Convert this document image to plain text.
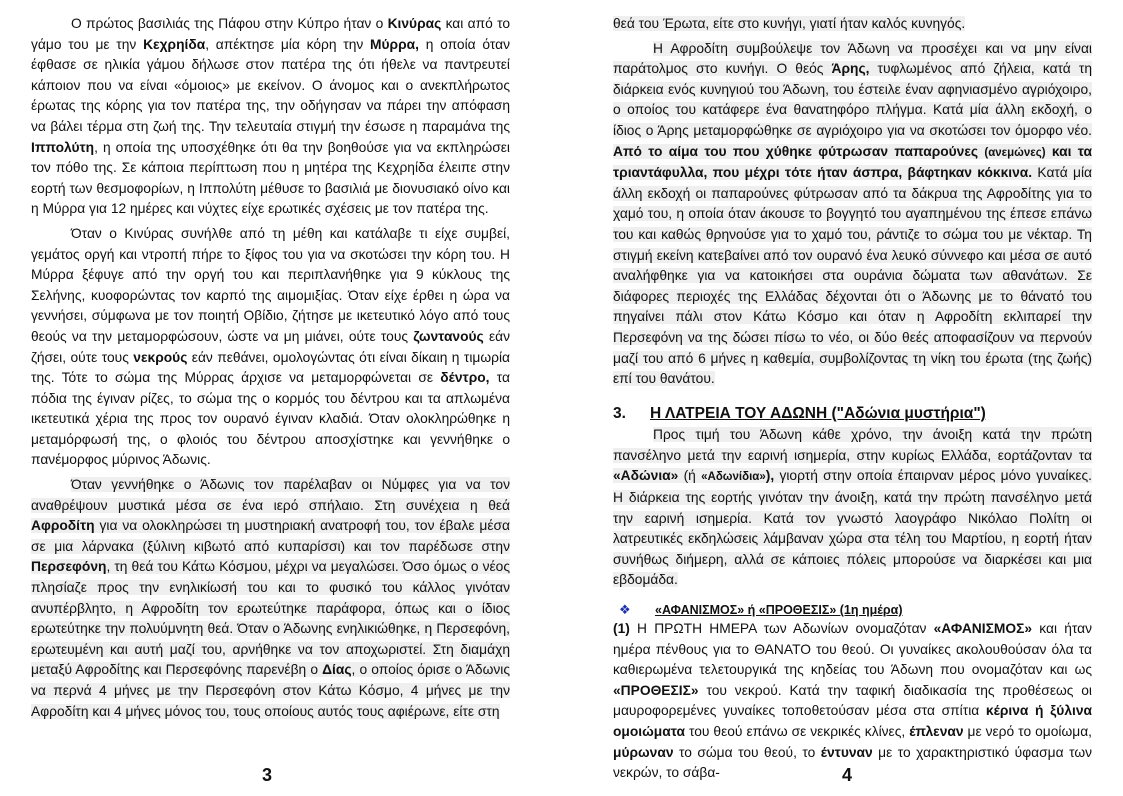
Ο πρώτος βασιλιάς της Πάφου στην Κύπρο ήταν ο Κινύρας και από το γάμο του με την Κεχρηίδα, απέκτησε μία κόρη την Μύρρα, η οποία όταν έφθασε σε ηλικία γάμου δήλωσε στον πατέρα της ότι ήθελε να παντρευτεί κάποιον που να είναι «όμοιος» με εκείνον. Ο άνομος και ο ανεκπλήρωτος έρωτας της κόρης για τον πατέρα της, την οδήγησαν να πάρει την απόφαση να βάλει τέρμα στη ζωή της. Την τελευταία στιγμή την έσωσε η παραμάνα της Ιππολύτη, η οποία της υποσχέθηκε ότι θα την βοηθούσε για να εκπληρώσει τον πόθο της. Σε κάποια περίπτωση που η μητέρα της Κεχρηίδα έλειπε στην εορτή των θεσμοφορίων, η Ιππολύτη μέθυσε το βασιλιά με διονυσιακό οίνο και η Μύρρα για 12 ημέρες και νύχτες είχε ερωτικές σχέσεις με τον πατέρα της.

Όταν ο Κινύρας συνήλθε από τη μέθη και κατάλαβε τι είχε συμβεί, γεμάτος οργή και ντροπή πήρε το ξίφος του για να σκοτώσει την κόρη του. Η Μύρρα ξέφυγε από την οργή του και περιπλανήθηκε για 9 κύκλους της Σελήνης, κυοφορώντας τον καρπό της αιμομιξίας. Όταν είχε έρθει η ώρα να γεννήσει, σύμφωνα με τον ποιητή Οβίδιο, ζήτησε με ικετευτικό λόγο από τους θεούς να την μεταμορφώσουν, ώστε να μη μιάνει, ούτε τους ζωντανούς εάν ζήσει, ούτε τους νεκρούς εάν πεθάνει, ομολογώντας ότι είναι δίκαιη η τιμωρία της. Τότε το σώμα της Μύρρας άρχισε να μεταμορφώνεται σε δέντρο, τα πόδια της έγιναν ρίζες, το σώμα της ο κορμός του δέντρου και τα απλωμένα ικετευτικά χέρια της προς τον ουρανό έγιναν κλαδιά. Όταν ολοκληρώθηκε η μεταμόρφωσή της, ο φλοιός του δέντρου αποσχίστηκε και γεννήθηκε ο πανέμορφος μύρινος Άδωνις.

Όταν γεννήθηκε ο Άδωνις τον παρέλαβαν οι Νύμφες για να τον αναθρέψουν μυστικά μέσα σε ένα ιερό σπήλαιο. Στη συνέχεια η θεά Αφροδίτη για να ολοκληρώσει τη μυστηριακή ανατροφή του, τον έβαλε μέσα σε μια λάρνακα (ξύλινη κιβωτό από κυπαρίσσι) και τον παρέδωσε στην Περσεφόνη, τη θεά του Κάτω Κόσμου, μέχρι να μεγαλώσει. Όσο όμως ο νέος πλησίαζε προς την ενηλικίωσή του και το φυσικό του κάλλος γινόταν ανυπέρβλητο, η Αφροδίτη τον ερωτεύτηκε παράφορα, όπως και ο ίδιος ερωτεύτηκε την πολυύμνητη θεά. Όταν ο Άδωνης ενηλικιώθηκε, η Περσεφόνη, ερωτευμένη και αυτή μαζί του, αρνήθηκε να τον αποχωριστεί. Στη διαμάχη μεταξύ Αφροδίτης και Περσεφόνης παρενέβη ο Δίας, ο οποίος όρισε ο Άδωνις να περνά 4 μήνες με την Περσεφόνη στον Κάτω Κόσμο, 4 μήνες με την Αφροδίτη και 4 μήνες μόνος του, τους οποίους αυτός τους αφιέρωνε, είτε στη

3

θεά του Έρωτα, είτε στο κυνήγι, γιατί ήταν καλός κυνηγός.

Η Αφροδίτη συμβούλεψε τον Άδωνη να προσέχει και να μην είναι παράτολμος στο κυνήγι. Ο θεός Άρης, τυφλωμένος από ζήλεια, κατά τη διάρκεια ενός κυνηγιού του Άδωνη, του έστειλε έναν αφηνιασμένο αγριόχοιρο, ο οποίος του κατάφερε ένα θανατηφόρο πλήγμα. Κατά μία άλλη εκδοχή, ο ίδιος ο Άρης μεταμορφώθηκε σε αγριόχοιρο για να σκοτώσει τον όμορφο νέο. Από το αίμα του που χύθηκε φύτρωσαν παπαρούνες (ανεμώνες) και τα τριαντάφυλλα, που μέχρι τότε ήταν άσπρα, βάφτηκαν κόκκινα. Κατά μία άλλη εκδοχή οι παπαρούνες φύτρωσαν από τα δάκρυα της Αφροδίτης για το χαμό του, η οποία όταν άκουσε το βογγητό του αγαπημένου της έπεσε επάνω του και καθώς θρηνούσε για το χαμό του, ράντιζε το σώμα του με νέκταρ. Τη στιγμή εκείνη κατεβαίνει από τον ουρανό ένα λευκό σύννεφο και μέσα σε αυτό αναλήφθηκε για να κατοικήσει στα ουράνια δώματα των αθανάτων. Σε διάφορες περιοχές της Ελλάδας δέχονται ότι ο Άδωνης με το θάνατό του πηγαίνει πάλι στον Κάτω Κόσμο και όταν η Αφροδίτη εκλιπαρεί την Περσεφόνη να της δώσει πίσω το νέο, οι δύο θεές αποφασίζουν να περνούν μαζί του από 6 μήνες η καθεμία, συμβολίζοντας τη νίκη του έρωτα (της ζωής) επί του θανάτου.

3.	Η ΛΑΤΡΕΙΑ ΤΟΥ ΑΔΩΝΗ ("Αδώνια μυστήρια")

Προς τιμή του Άδωνη κάθε χρόνο, την άνοιξη κατά την πρώτη πανσέληνο μετά την εαρινή ισημερία, στην κυρίως Ελλάδα, εορτάζονταν τα «Αδώνια» (ή «Αδωνίδια»), γιορτή στην οποία έπαιρναν μέρος μόνο γυναίκες. Η διάρκεια της εορτής γινόταν την άνοιξη, κατά την πρώτη πανσέληνο μετά την εαρινή ισημερία. Κατά τον γνωστό λαογράφο Νικόλαο Πολίτη οι λατρευτικές εκδηλώσεις λάμβαναν χώρα στα τέλη του Μαρτίου, η εορτή ήταν συνήθως διήμερη, αλλά σε κάποιες πόλεις μπορούσε να διαρκέσει και μια εβδομάδα.

❖	«ΑΦΑΝΙΣΜΟΣ» ή «ΠΡΟΘΕΣΙΣ» (1η ημέρα)

(1) Η ΠΡΩΤΗ ΗΜΕΡΑ των Αδωνίων ονομαζόταν «ΑΦΑΝΙΣΜΟΣ» και ήταν ημέρα πένθους για το ΘΑΝΑΤΟ του θεού. Οι γυναίκες ακολουθούσαν όλα τα καθιερωμένα τελετουργικά της κηδείας του Άδωνη που ονομαζόταν και ως «ΠΡΟΘΕΣΙΣ» του νεκρού. Κατά την ταφική διαδικασία της προθέσεως οι μαυροφορεμένες γυναίκες τοποθετούσαν μέσα στα σπίτια κέρινα ή ξύλινα ομοιώματα του θεού επάνω σε νεκρικές κλίνες, έπλεναν με νερό το ομοίωμα, μύρωναν το σώμα του θεού, το έντυναν με το χαρακτηριστικό ύφασμα των νεκρών, το σάβα-	4
